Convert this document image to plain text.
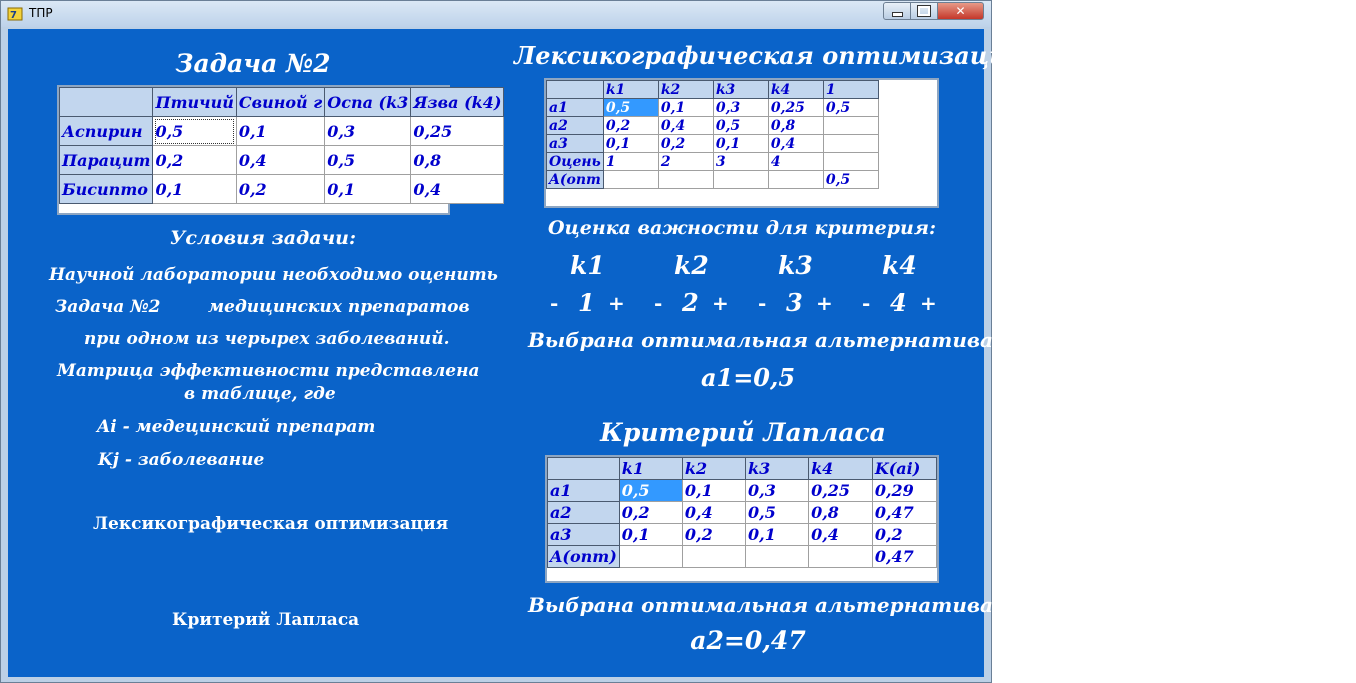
7 ТПР	✕
Задача №2
	Птичий	Свиной г	Оспа (k3	Язва (k4)
Аспирин	0,5	0,1	0,3	0,25
Парацит	0,2	0,4	0,5	0,8
Бисипто	0,1	0,2	0,1	0,4
Условия задачи:
Научной лаборатории необходимо оценить
Задача №2	медицинских препаратов
при одном из черырех заболеваний.
Матрица эффективности представлена
в таблице, где
Ai - медецинский препарат
Kj - заболевание
Лексикографическая оптимизация
Критерий Лапласа
Лексикографическая оптимизация
	k1	k2	k3	k4	1
a1	0,5	0,1	0,3	0,25	0,5
a2	0,2	0,4	0,5	0,8	
a3	0,1	0,2	0,1	0,4	
Оцень	1	2	3	4	
A(опт					0,5
Оценка важности для критерия:
k1
- 1 +
k2
- 2 +
k3
- 3 +
k4
- 4 +
Выбрана оптимальная альтернатива:
a1=0,5
Критерий Лапласа
	k1	k2	k3	k4	K(ai)
a1	0,5	0,1	0,3	0,25	0,29
a2	0,2	0,4	0,5	0,8	0,47
a3	0,1	0,2	0,1	0,4	0,2
A(опт)					0,47
Выбрана оптимальная альтернатива:
a2=0,47
